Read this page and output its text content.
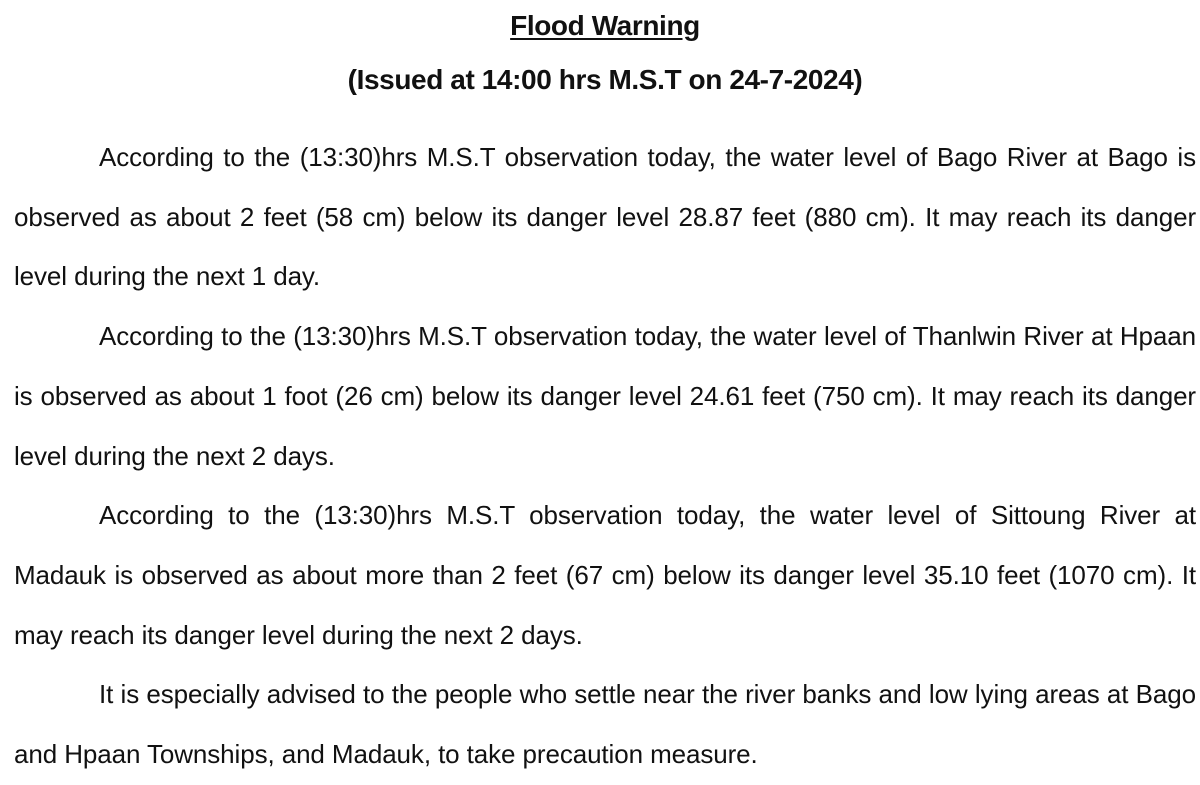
Flood Warning

(Issued at 14:00 hrs M.S.T on 24-7-2024)

According to the (13:30)hrs M.S.T observation today, the water level of Bago River at Bago is observed as about 2 feet (58 cm) below its danger level 28.87 feet (880 cm). It may reach its danger level during the next 1 day.

According to the (13:30)hrs M.S.T observation today, the water level of Thanlwin River at Hpaan is observed as about 1 foot (26 cm) below its danger level 24.61 feet (750 cm). It may reach its danger level during the next 2 days.

According to the (13:30)hrs M.S.T observation today, the water level of Sittoung River at Madauk is observed as about more than 2 feet (67 cm) below its danger level 35.10 feet (1070 cm). It may reach its danger level during the next 2 days.

It is especially advised to the people who settle near the river banks and low lying areas at Bago and Hpaan Townships, and Madauk, to take precaution measure.
